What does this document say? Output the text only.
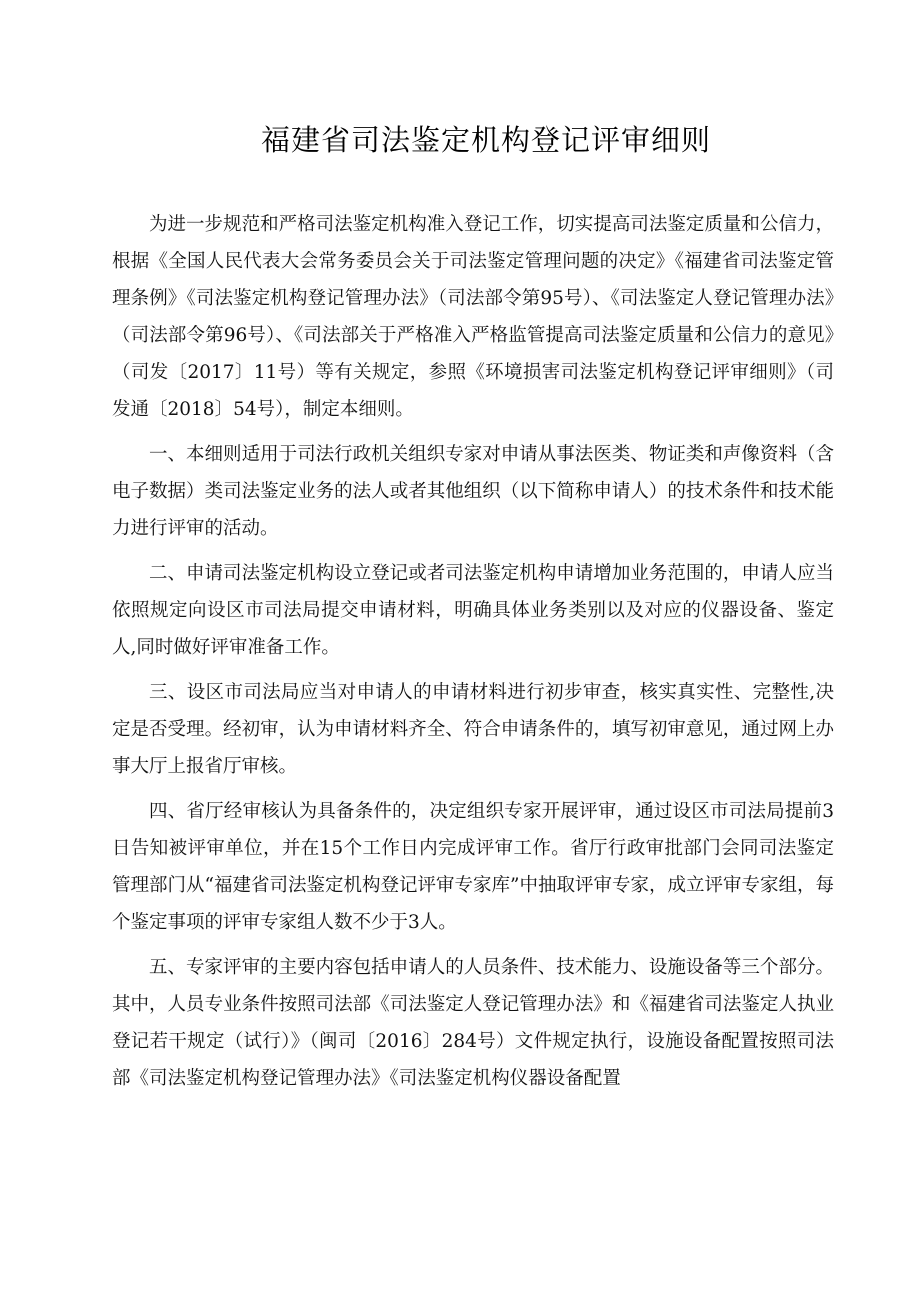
福建省司法鉴定机构登记评审细则

为进一步规范和严格司法鉴定机构准入登记工作，切实提高司法鉴定质量和公信力，根据《全国人民代表大会常务委员会关于司法鉴定管理问题的决定》《福建省司法鉴定管理条例》《司法鉴定机构登记管理办法》（司法部令第95号）、《司法鉴定人登记管理办法》（司法部令第96号）、《司法部关于严格准入严格监管提高司法鉴定质量和公信力的意见》（司发〔2017〕11号）等有关规定，参照《环境损害司法鉴定机构登记评审细则》（司发通〔2018〕54号），制定本细则。

一、本细则适用于司法行政机关组织专家对申请从事法医类、物证类和声像资料（含电子数据）类司法鉴定业务的法人或者其他组织（以下简称申请人）的技术条件和技术能力进行评审的活动。

二、申请司法鉴定机构设立登记或者司法鉴定机构申请增加业务范围的，申请人应当依照规定向设区市司法局提交申请材料，明确具体业务类别以及对应的仪器设备、鉴定人,同时做好评审准备工作。

三、设区市司法局应当对申请人的申请材料进行初步审查，核实真实性、完整性,决定是否受理。经初审，认为申请材料齐全、符合申请条件的，填写初审意见，通过网上办事大厅上报省厅审核。

四、省厅经审核认为具备条件的，决定组织专家开展评审，通过设区市司法局提前3日告知被评审单位，并在15个工作日内完成评审工作。省厅行政审批部门会同司法鉴定管理部门从“福建省司法鉴定机构登记评审专家库”中抽取评审专家，成立评审专家组，每个鉴定事项的评审专家组人数不少于3人。

五、专家评审的主要内容包括申请人的人员条件、技术能力、设施设备等三个部分。其中，人员专业条件按照司法部《司法鉴定人登记管理办法》和《福建省司法鉴定人执业登记若干规定（试行）》（闽司〔2016〕284号）文件规定执行，设施设备配置按照司法部《司法鉴定机构登记管理办法》《司法鉴定机构仪器设备配置
